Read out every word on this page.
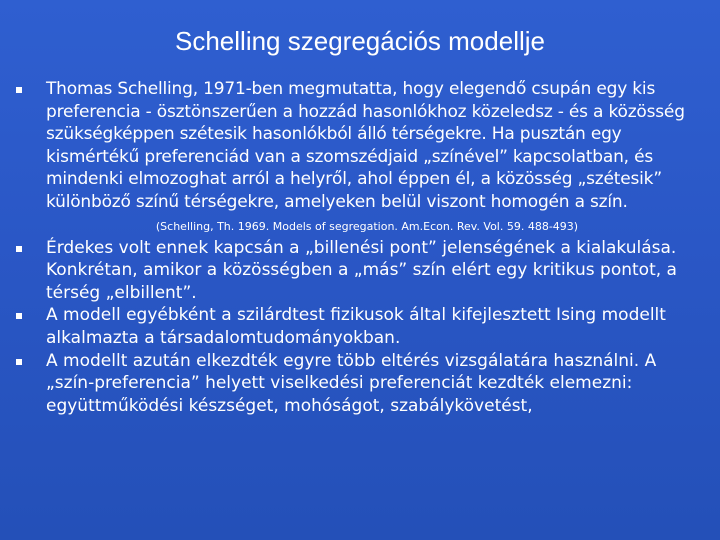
Schelling szegregációs modellje
Thomas Schelling, 1971-ben megmutatta, hogy elegendő csupán egy kis preferencia - ösztönszerűen a hozzád hasonlókhoz közeledsz - és a közösség szükségképpen szétesik hasonlókból álló térségekre. Ha pusztán egy kismértékű preferenciád van a szomszédjaid „színével” kapcsolatban, és mindenki elmozoghat arról a helyről, ahol éppen él, a közösség „szétesik” különböző színű térségekre, amelyeken belül viszont homogén a szín.
(Schelling, Th. 1969. Models of segregation. Am.Econ. Rev. Vol. 59. 488-493)
Érdekes volt ennek kapcsán a „billenési pont” jelenségének a kialakulása. Konkrétan, amikor a közösségben a „más” szín elért egy kritikus pontot, a térség „elbillent”.
A modell egyébként a szilárdtest fizikusok által kifejlesztett Ising modellt alkalmazta a társadalomtudományokban.
A modellt azután elkezdték egyre több eltérés vizsgálatára használni. A „szín-preferencia” helyett viselkedési preferenciát kezdték elemezni: együttműködési készséget, mohóságot, szabálykövetést,
